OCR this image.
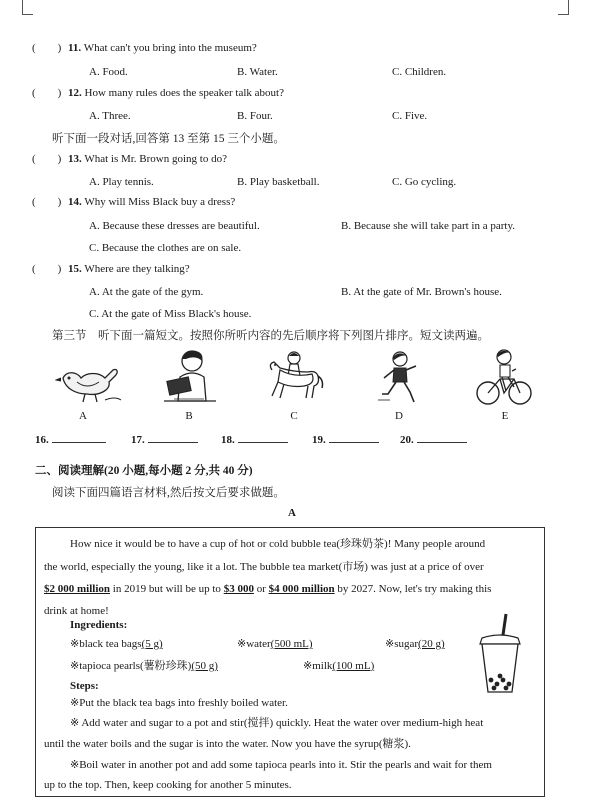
( ) 11. What can't you bring into the museum?
A. Food.	B. Water.	C. Children.
( ) 12. How many rules does the speaker talk about?
A. Three.	B. Four.	C. Five.
听下面一段对话,回答第 13 至第 15 三个小题。
( ) 13. What is Mr. Brown going to do?
A. Play tennis.	B. Play basketball.	C. Go cycling.
( ) 14. Why will Miss Black buy a dress?
A. Because these dresses are beautiful.	B. Because she will take part in a party.
C. Because the clothes are on sale.
( ) 15. Where are they talking?
A. At the gate of the gym.	B. At the gate of Mr. Brown's house.
C. At the gate of Miss Black's house.
第三节　听下面一篇短文。按照你所听内容的先后顺序将下列图片排序。短文读两遍。
A	B	C	D	E
16.	17.	18.	19.	20.
二、阅读理解(20 小题,每小题 2 分,共 40 分)
阅读下面四篇语言材料,然后按文后要求做题。
A
How nice it would be to have a cup of hot or cold bubble tea(珍珠奶茶)! Many people around
the world, especially the young, like it a lot. The bubble tea market(市场) was just at a price of over
$2 000 million in 2019 but will be up to $3 000 or $4 000 million by 2027. Now, let's try making this
drink at home!
Ingredients:
※black tea bags(5 g)	※water(500 mL)	※sugar(20 g)
※tapioca pearls(薯粉珍珠)(50 g)	※milk(100 mL)
Steps:
※Put the black tea bags into freshly boiled water.
※ Add water and sugar to a pot and stir(搅拌) quickly. Heat the water over medium-high heat
until the water boils and the sugar is into the water. Now you have the syrup(糖浆).
※Boil water in another pot and add some tapioca pearls into it. Stir the pearls and wait for them
up to the top. Then, keep cooking for another 5 minutes.
